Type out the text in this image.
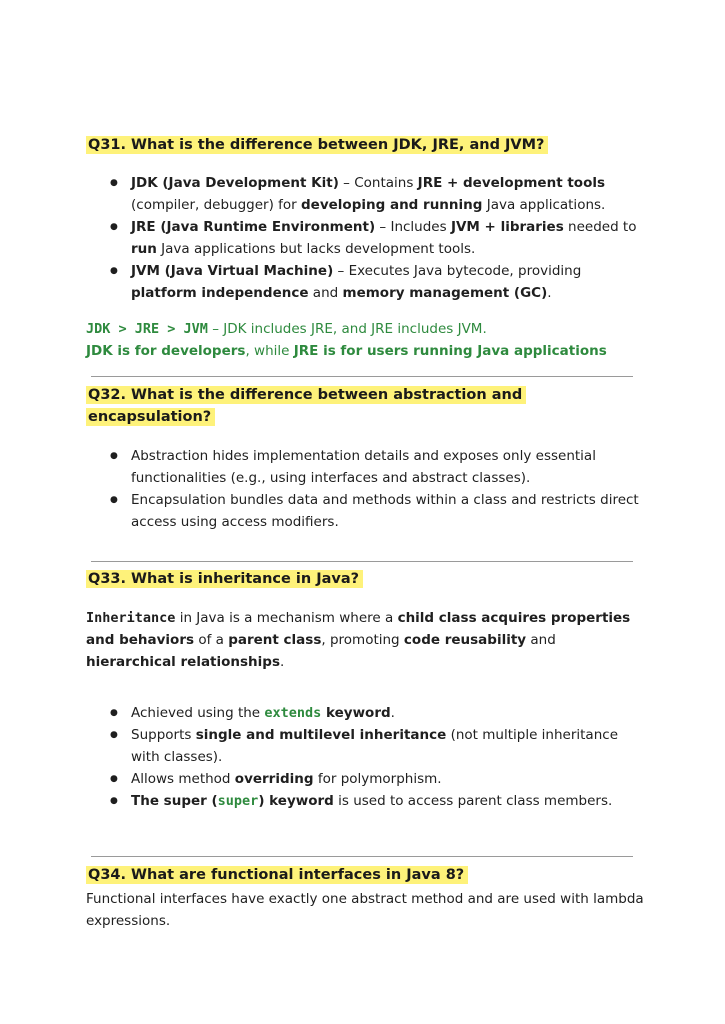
Q31. What is the difference between JDK, JRE, and JVM?
● JDK (Java Development Kit) – Contains JRE + development tools (compiler, debugger) for developing and running Java applications.
● JRE (Java Runtime Environment) – Includes JVM + libraries needed to run Java applications but lacks development tools.
● JVM (Java Virtual Machine) – Executes Java bytecode, providing platform independence and memory management (GC).

JDK > JRE > JVM – JDK includes JRE, and JRE includes JVM.

JDK is for developers, while JRE is for users running Java applications

Q32. What is the difference between abstraction and
encapsulation?
● Abstraction hides implementation details and exposes only essential functionalities (e.g., using interfaces and abstract classes).
● Encapsulation bundles data and methods within a class and restricts direct access using access modifiers.
Q33. What is inheritance in Java?

Inheritance in Java is a mechanism where a child class acquires properties and behaviors of a parent class, promoting code reusability and hierarchical relationships.

● Achieved using the extends keyword.
● Supports single and multilevel inheritance (not multiple inheritance with classes).
● Allows method overriding for polymorphism.
● The super (super) keyword is used to access parent class members.
Q34. What are functional interfaces in Java 8?

Functional interfaces have exactly one abstract method and are used with lambda expressions.
